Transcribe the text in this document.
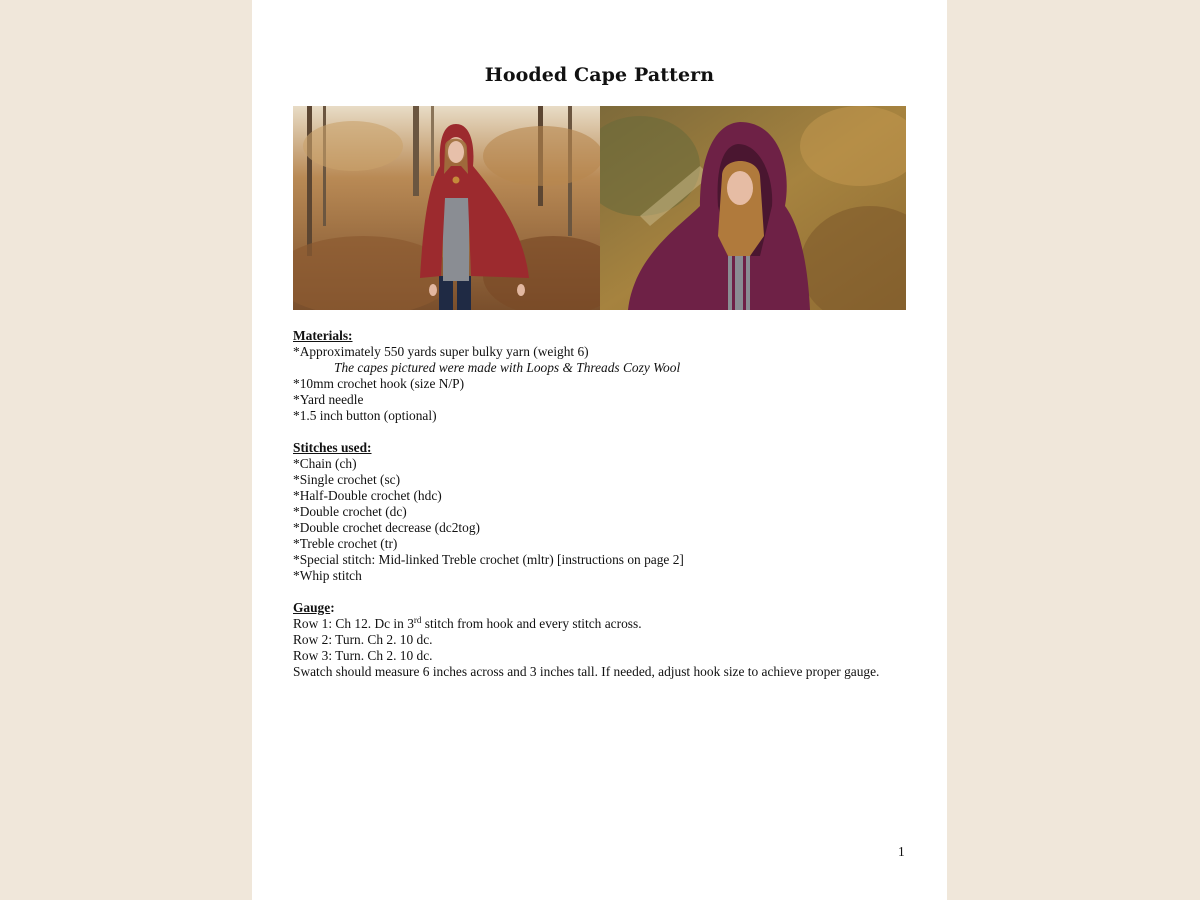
Hooded Cape Pattern
Materials:
*Approximately 550 yards super bulky yarn (weight 6)
The capes pictured were made with Loops & Threads Cozy Wool
*10mm crochet hook (size N/P)
*Yard needle
*1.5 inch button (optional)
Stitches used:
*Chain (ch)
*Single crochet (sc)
*Half-Double crochet (hdc)
*Double crochet (dc)
*Double crochet decrease (dc2tog)
*Treble crochet (tr)
*Special stitch: Mid-linked Treble crochet (mltr) [instructions on page 2]
*Whip stitch
Gauge:
Row 1: Ch 12. Dc in 3rd stitch from hook and every stitch across.
Row 2: Turn. Ch 2. 10 dc.
Row 3: Turn. Ch 2. 10 dc.
Swatch should measure 6 inches across and 3 inches tall. If needed, adjust hook size to achieve proper gauge.
1
